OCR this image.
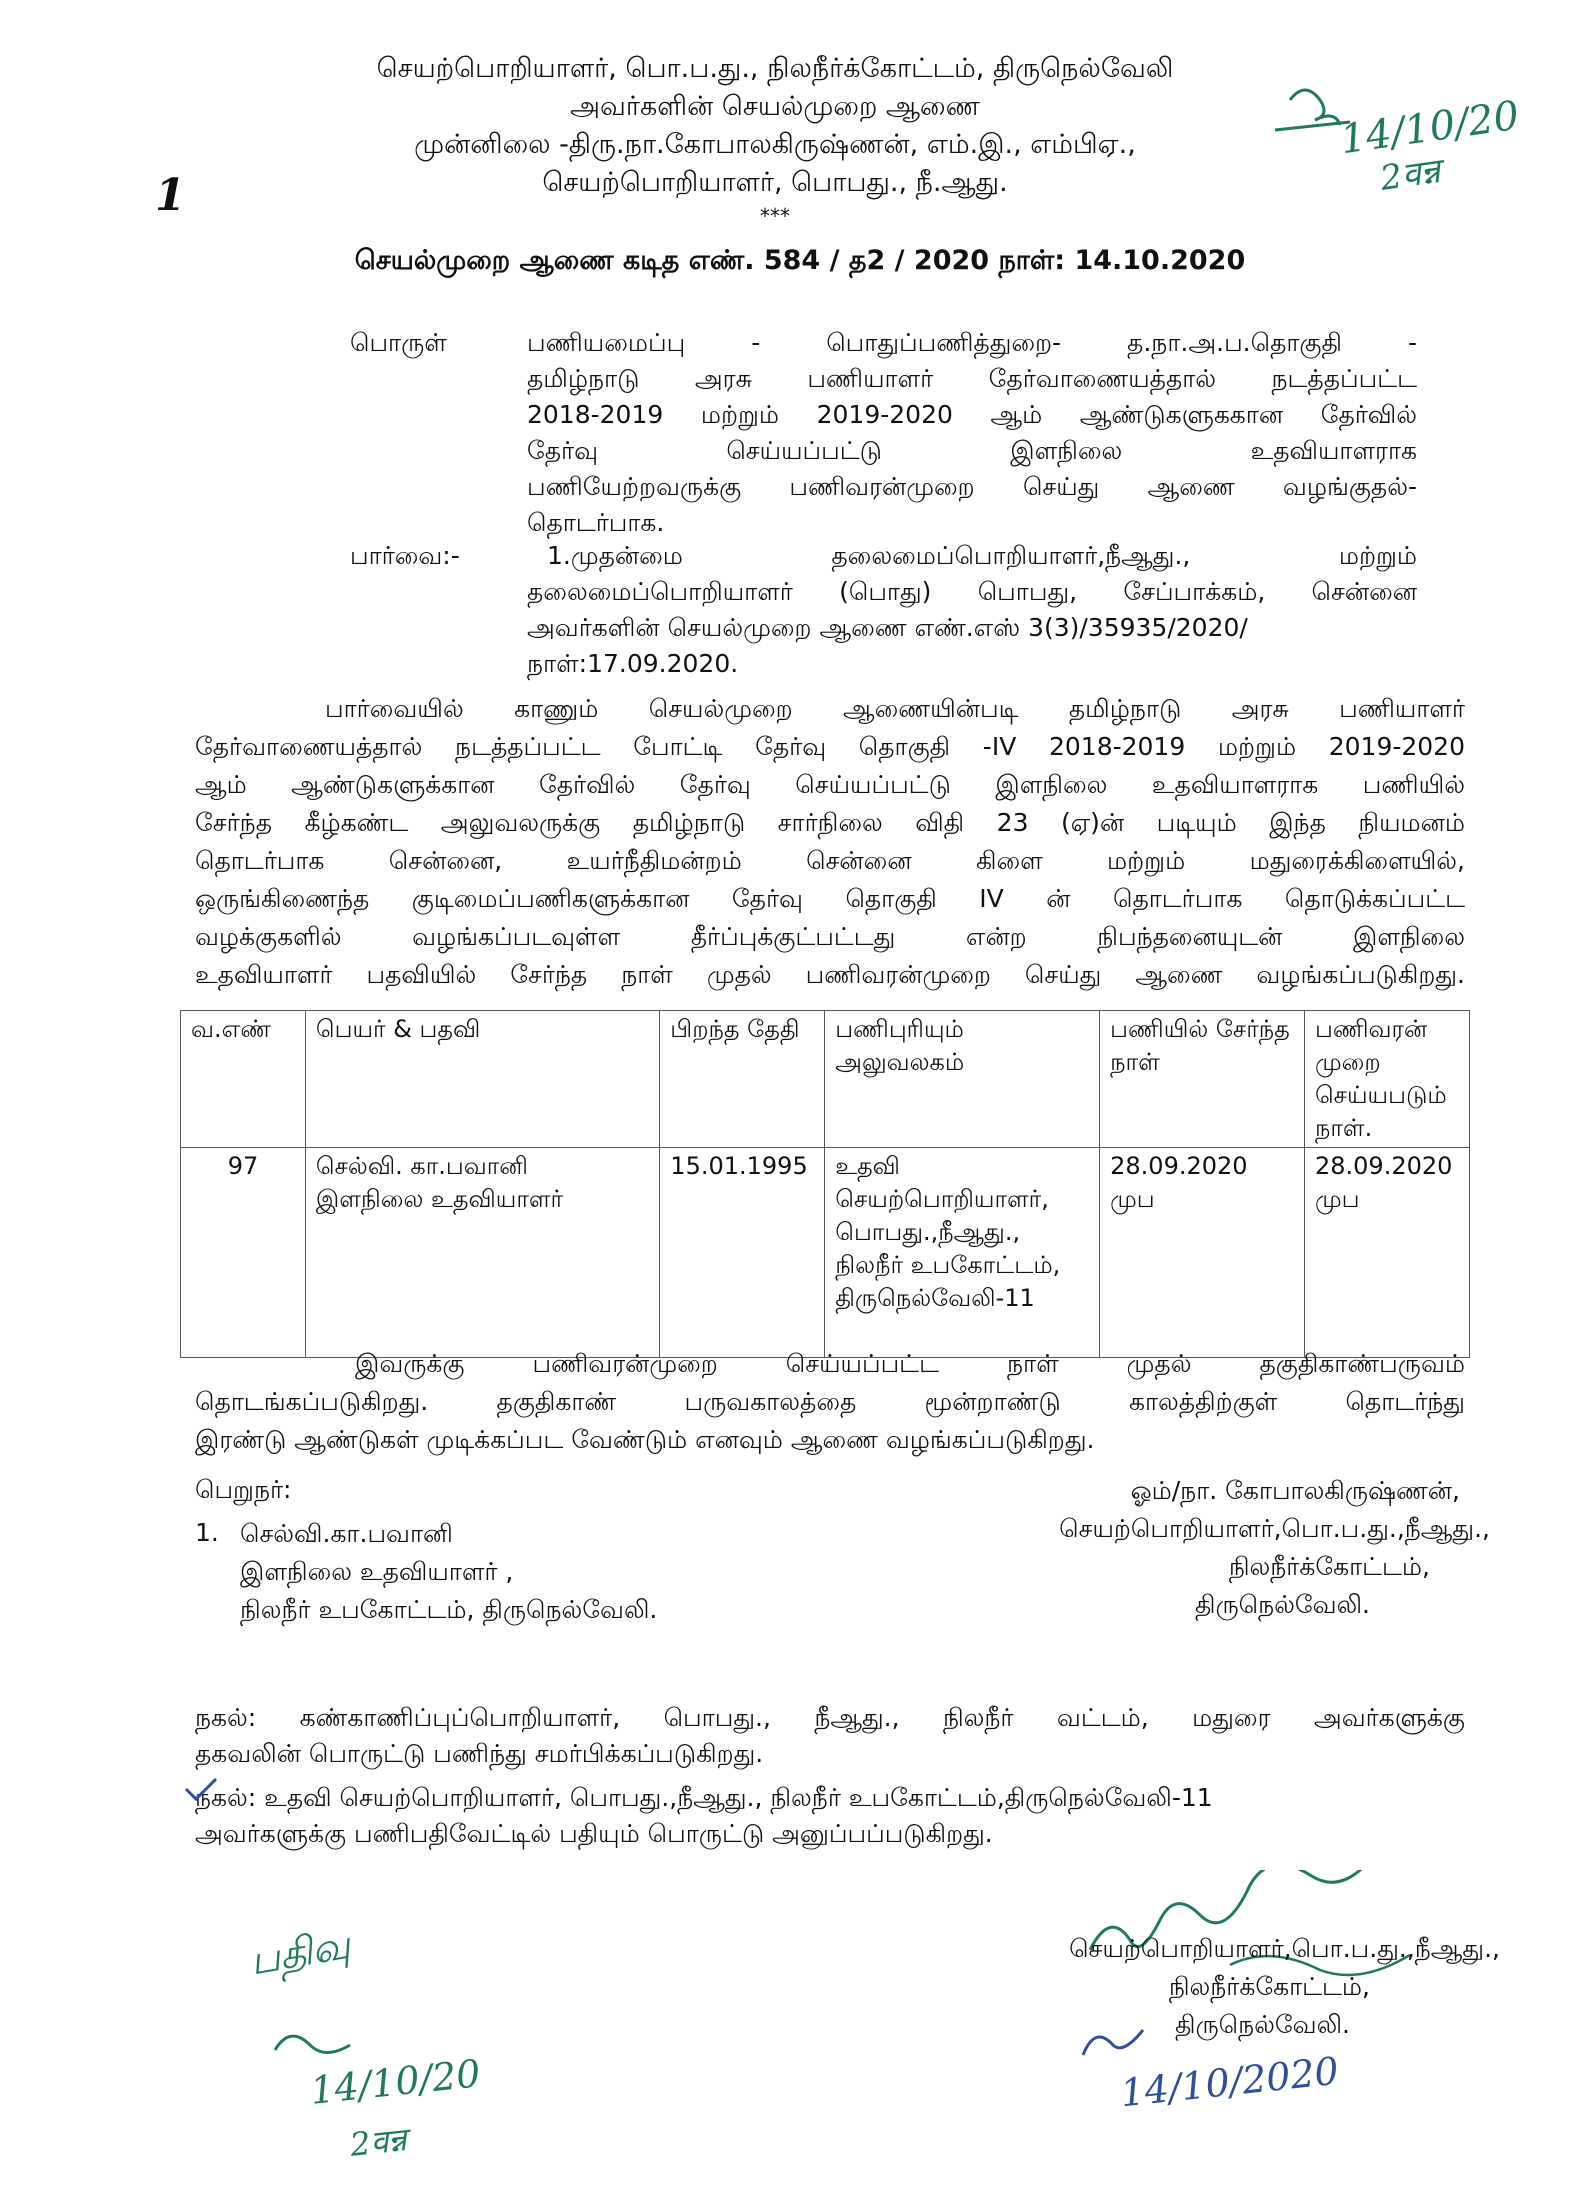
செயற்பொறியாளர், பொ.ப.து., நிலநீர்க்கோட்டம், திருநெல்வேலி
அவர்களின் செயல்முறை ஆணை
முன்னிலை -திரு.நா.கோபாலகிருஷ்ணன், எம்.இ., எம்பிஏ.,
செயற்பொறியாளர், பொபது., நீ.ஆது.
***
1
14/10/20
2वन्न
செயல்முறை ஆணை கடித எண். 584 / த2 / 2020 நாள்: 14.10.2020
பொருள்	பணியமைப்பு - பொதுப்பணித்துறை- த.நா.அ.ப.தொகுதி -
தமிழ்நாடு அரசு பணியாளர் தேர்வாணையத்தால் நடத்தப்பட்ட
2018-2019 மற்றும் 2019-2020 ஆம் ஆண்டுகளுககான தேர்வில்
தேர்வு செய்யப்பட்டு இளநிலை உதவியாளராக
பணியேற்றவருக்கு பணிவரன்முறை செய்து ஆணை வழங்குதல்-
தொடர்பாக.
பார்வை:-	1.முதன்மை தலைமைப்பொறியாளர்,நீஆது., மற்றும்
தலைமைப்பொறியாளர் (பொது) பொபது, சேப்பாக்கம், சென்னை
அவர்களின் செயல்முறை ஆணை எண்.எஸ் 3(3)/35935/2020/
நாள்:17.09.2020.
பார்வையில் காணும் செயல்முறை ஆணையின்படி தமிழ்நாடு அரசு பணியாளர்
தேர்வாணையத்தால் நடத்தப்பட்ட போட்டி தேர்வு தொகுதி -IV 2018-2019 மற்றும் 2019-2020
ஆம் ஆண்டுகளுக்கான தேர்வில் தேர்வு செய்யப்பட்டு இளநிலை உதவியாளராக பணியில்
சேர்ந்த கீழ்கண்ட அலுவலருக்கு தமிழ்நாடு சார்நிலை விதி 23 (ஏ)ன் படியும் இந்த நியமனம்
தொடர்பாக சென்னை, உயர்நீதிமன்றம் சென்னை கிளை மற்றும் மதுரைக்கிளையில்,
ஒருங்கிணைந்த குடிமைப்பணிகளுக்கான தேர்வு தொகுதி IV ன் தொடர்பாக தொடுக்கப்பட்ட
வழக்குகளில் வழங்கப்படவுள்ள தீர்ப்புக்குட்பட்டது என்ற நிபந்தனையுடன் இளநிலை
உதவியாளர் பதவியில் சேர்ந்த நாள் முதல் பணிவரன்முறை செய்து ஆணை வழங்கப்படுகிறது.
வ.எண்	பெயர் & பதவி	பிறந்த தேதி	பணிபுரியும் அலுவலகம்	பணியில் சேர்ந்த நாள்	பணிவரன் முறை செய்யபடும் நாள்.
97	செல்வி. கா.பவானி
இளநிலை உதவியாளர்	15.01.1995	உதவி செயற்பொறியாளர், பொபது.,நீஆது., நிலநீர் உபகோட்டம், திருநெல்வேலி-11	28.09.2020 முப	28.09.2020 முப
இவருக்கு பணிவரன்முறை செய்யப்பட்ட நாள் முதல் தகுதிகாண்பருவம்
தொடங்கப்படுகிறது. தகுதிகாண் பருவகாலத்தை மூன்றாண்டு காலத்திற்குள் தொடர்ந்து
இரண்டு ஆண்டுகள் முடிக்கப்பட வேண்டும் எனவும் ஆணை வழங்கப்படுகிறது.
பெறுநர்:
1. செல்வி.கா.பவானி
இளநிலை உதவியாளர் ,
நிலநீர் உபகோட்டம், திருநெல்வேலி.
ஓம்/நா. கோபாலகிருஷ்ணன்,
செயற்பொறியாளர்,பொ.ப.து.,நீஆது.,
நிலநீர்க்கோட்டம்,
திருநெல்வேலி.
நகல்: கண்காணிப்புப்பொறியாளர், பொபது., நீஆது., நிலநீர் வட்டம், மதுரை அவர்களுக்கு
தகவலின் பொருட்டு பணிந்து சமர்பிக்கப்படுகிறது.
நகல்: உதவி செயற்பொறியாளர், பொபது.,நீஆது., நிலநீர் உபகோட்டம்,திருநெல்வேலி-11
அவர்களுக்கு பணிபதிவேட்டில் பதியும் பொருட்டு அனுப்பப்படுகிறது.
செயற்பொறியாளர்,பொ.ப.து.,நீஆது.,
நிலநீர்க்கோட்டம்,
திருநெல்வேலி.
பதிவு
14/10/20
2वन्न
14/10/2020
